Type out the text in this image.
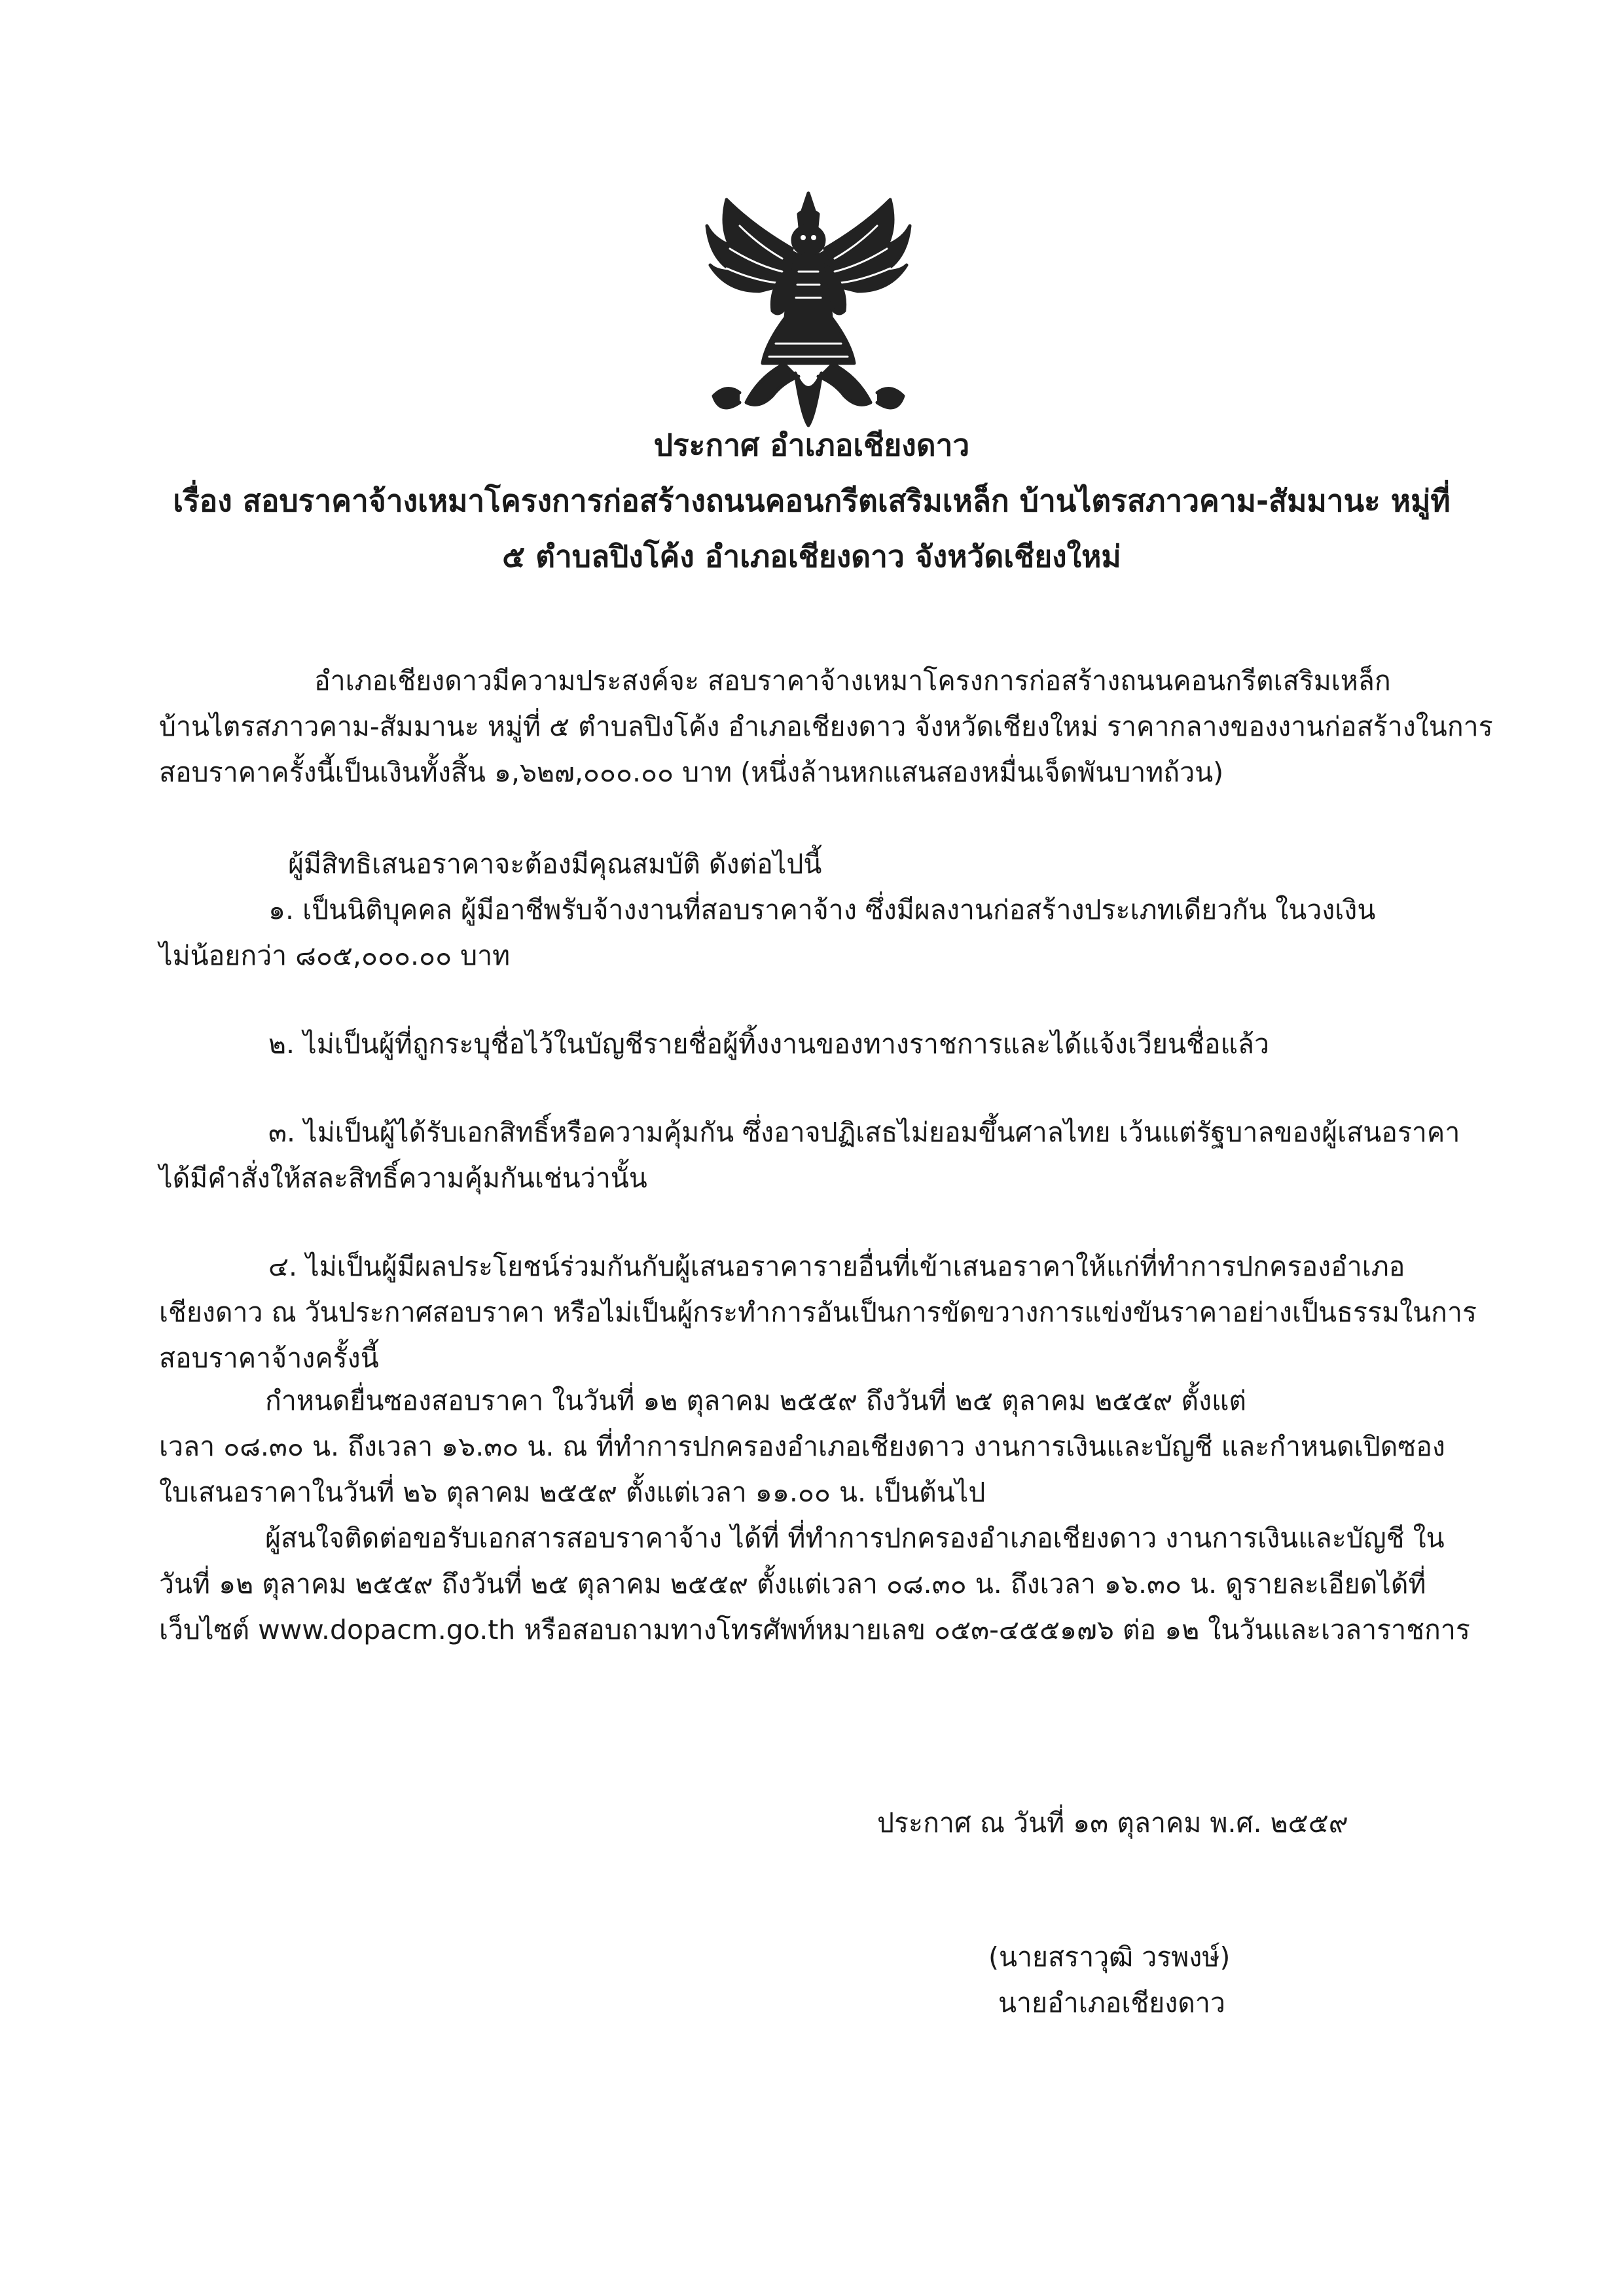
ประกาศ อำเภอเชียงดาว
เรื่อง สอบราคาจ้างเหมาโครงการก่อสร้างถนนคอนกรีตเสริมเหล็ก บ้านไตรสภาวคาม-สัมมานะ หมู่ที่
๕ ตำบลปิงโค้ง อำเภอเชียงดาว จังหวัดเชียงใหม่
อำเภอเชียงดาวมีความประสงค์จะ สอบราคาจ้างเหมาโครงการก่อสร้างถนนคอนกรีตเสริมเหล็ก
บ้านไตรสภาวคาม-สัมมานะ หมู่ที่ ๕ ตำบลปิงโค้ง อำเภอเชียงดาว จังหวัดเชียงใหม่ ราคากลางของงานก่อสร้างในการ
สอบราคาครั้งนี้เป็นเงินทั้งสิ้น ๑,๖๒๗,๐๐๐.๐๐ บาท (หนึ่งล้านหกแสนสองหมื่นเจ็ดพันบาทถ้วน)
ผู้มีสิทธิเสนอราคาจะต้องมีคุณสมบัติ ดังต่อไปนี้
๑. เป็นนิติบุคคล ผู้มีอาชีพรับจ้างงานที่สอบราคาจ้าง ซึ่งมีผลงานก่อสร้างประเภทเดียวกัน ในวงเงิน
ไม่น้อยกว่า ๘๐๕,๐๐๐.๐๐ บาท
๒. ไม่เป็นผู้ที่ถูกระบุชื่อไว้ในบัญชีรายชื่อผู้ทิ้งงานของทางราชการและได้แจ้งเวียนชื่อแล้ว
๓. ไม่เป็นผู้ได้รับเอกสิทธิ์หรือความคุ้มกัน ซึ่งอาจปฏิเสธไม่ยอมขึ้นศาลไทย เว้นแต่รัฐบาลของผู้เสนอราคา
ได้มีคำสั่งให้สละสิทธิ์ความคุ้มกันเช่นว่านั้น
๔. ไม่เป็นผู้มีผลประโยชน์ร่วมกันกับผู้เสนอราคารายอื่นที่เข้าเสนอราคาให้แก่ที่ทำการปกครองอำเภอ
เชียงดาว ณ วันประกาศสอบราคา หรือไม่เป็นผู้กระทำการอันเป็นการขัดขวางการแข่งขันราคาอย่างเป็นธรรมในการ
สอบราคาจ้างครั้งนี้
กำหนดยื่นซองสอบราคา ในวันที่ ๑๒ ตุลาคม ๒๕๕๙ ถึงวันที่ ๒๕ ตุลาคม ๒๕๕๙ ตั้งแต่
เวลา ๐๘.๓๐ น. ถึงเวลา ๑๖.๓๐ น. ณ ที่ทำการปกครองอำเภอเชียงดาว งานการเงินและบัญชี และกำหนดเปิดซอง
ใบเสนอราคาในวันที่ ๒๖ ตุลาคม ๒๕๕๙ ตั้งแต่เวลา ๑๑.๐๐ น. เป็นต้นไป
ผู้สนใจติดต่อขอรับเอกสารสอบราคาจ้าง ได้ที่ ที่ทำการปกครองอำเภอเชียงดาว งานการเงินและบัญชี ใน
วันที่ ๑๒ ตุลาคม ๒๕๕๙ ถึงวันที่ ๒๕ ตุลาคม ๒๕๕๙ ตั้งแต่เวลา ๐๘.๓๐ น. ถึงเวลา ๑๖.๓๐ น. ดูรายละเอียดได้ที่
เว็บไซต์ www.dopacm.go.th หรือสอบถามทางโทรศัพท์หมายเลข ๐๕๓-๔๕๕๑๗๖ ต่อ ๑๒ ในวันและเวลาราชการ
ประกาศ ณ วันที่ ๑๓ ตุลาคม พ.ศ. ๒๕๕๙
(นายสราวุฒิ วรพงษ์)
นายอำเภอเชียงดาว
